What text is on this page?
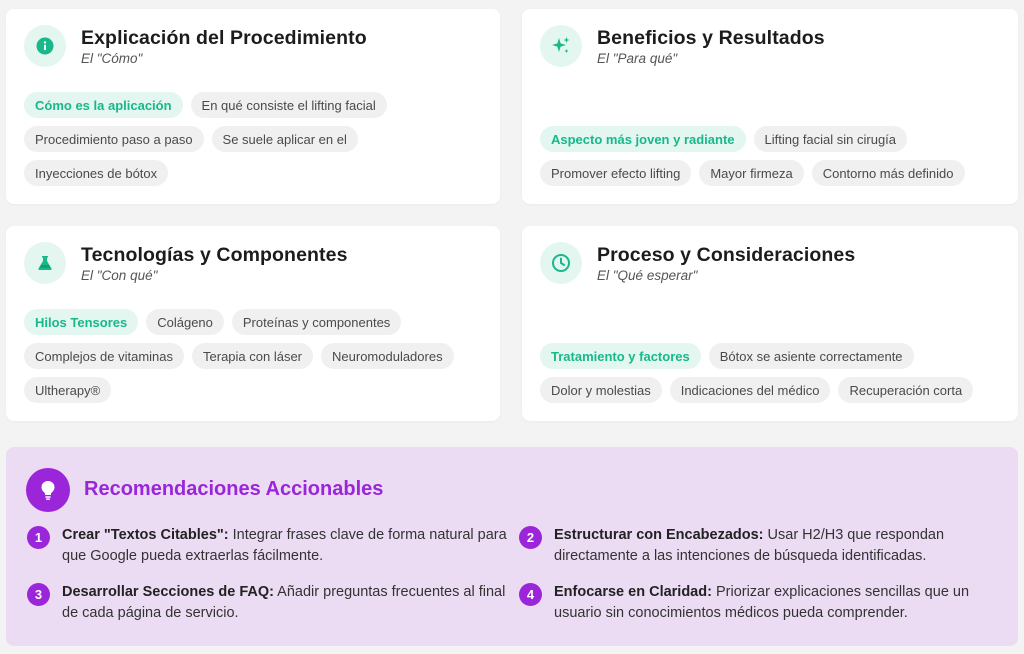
Explicación del Procedimiento
El "Cómo"
Cómo es la aplicación	En qué consiste el lifting facial
Procedimiento paso a paso	Se suele aplicar en el
Inyecciones de bótox
Beneficios y Resultados
El "Para qué"
Aspecto más joven y radiante	Lifting facial sin cirugía
Promover efecto lifting	Mayor firmeza	Contorno más definido
Tecnologías y Componentes
El "Con qué"
Hilos Tensores	Colágeno	Proteínas y componentes
Complejos de vitaminas	Terapia con láser	Neuromoduladores
Ultherapy®
Proceso y Consideraciones
El "Qué esperar"
Tratamiento y factores	Bótox se asiente correctamente
Dolor y molestias	Indicaciones del médico	Recuperación corta
Recomendaciones Accionables
1	Crear "Textos Citables": Integrar frases clave de forma natural para que Google pueda extraerlas fácilmente.
2	Estructurar con Encabezados: Usar H2/H3 que respondan directamente a las intenciones de búsqueda identificadas.
3	Desarrollar Secciones de FAQ: Añadir preguntas frecuentes al final de cada página de servicio.
4	Enfocarse en Claridad: Priorizar explicaciones sencillas que un usuario sin conocimientos médicos pueda comprender.
